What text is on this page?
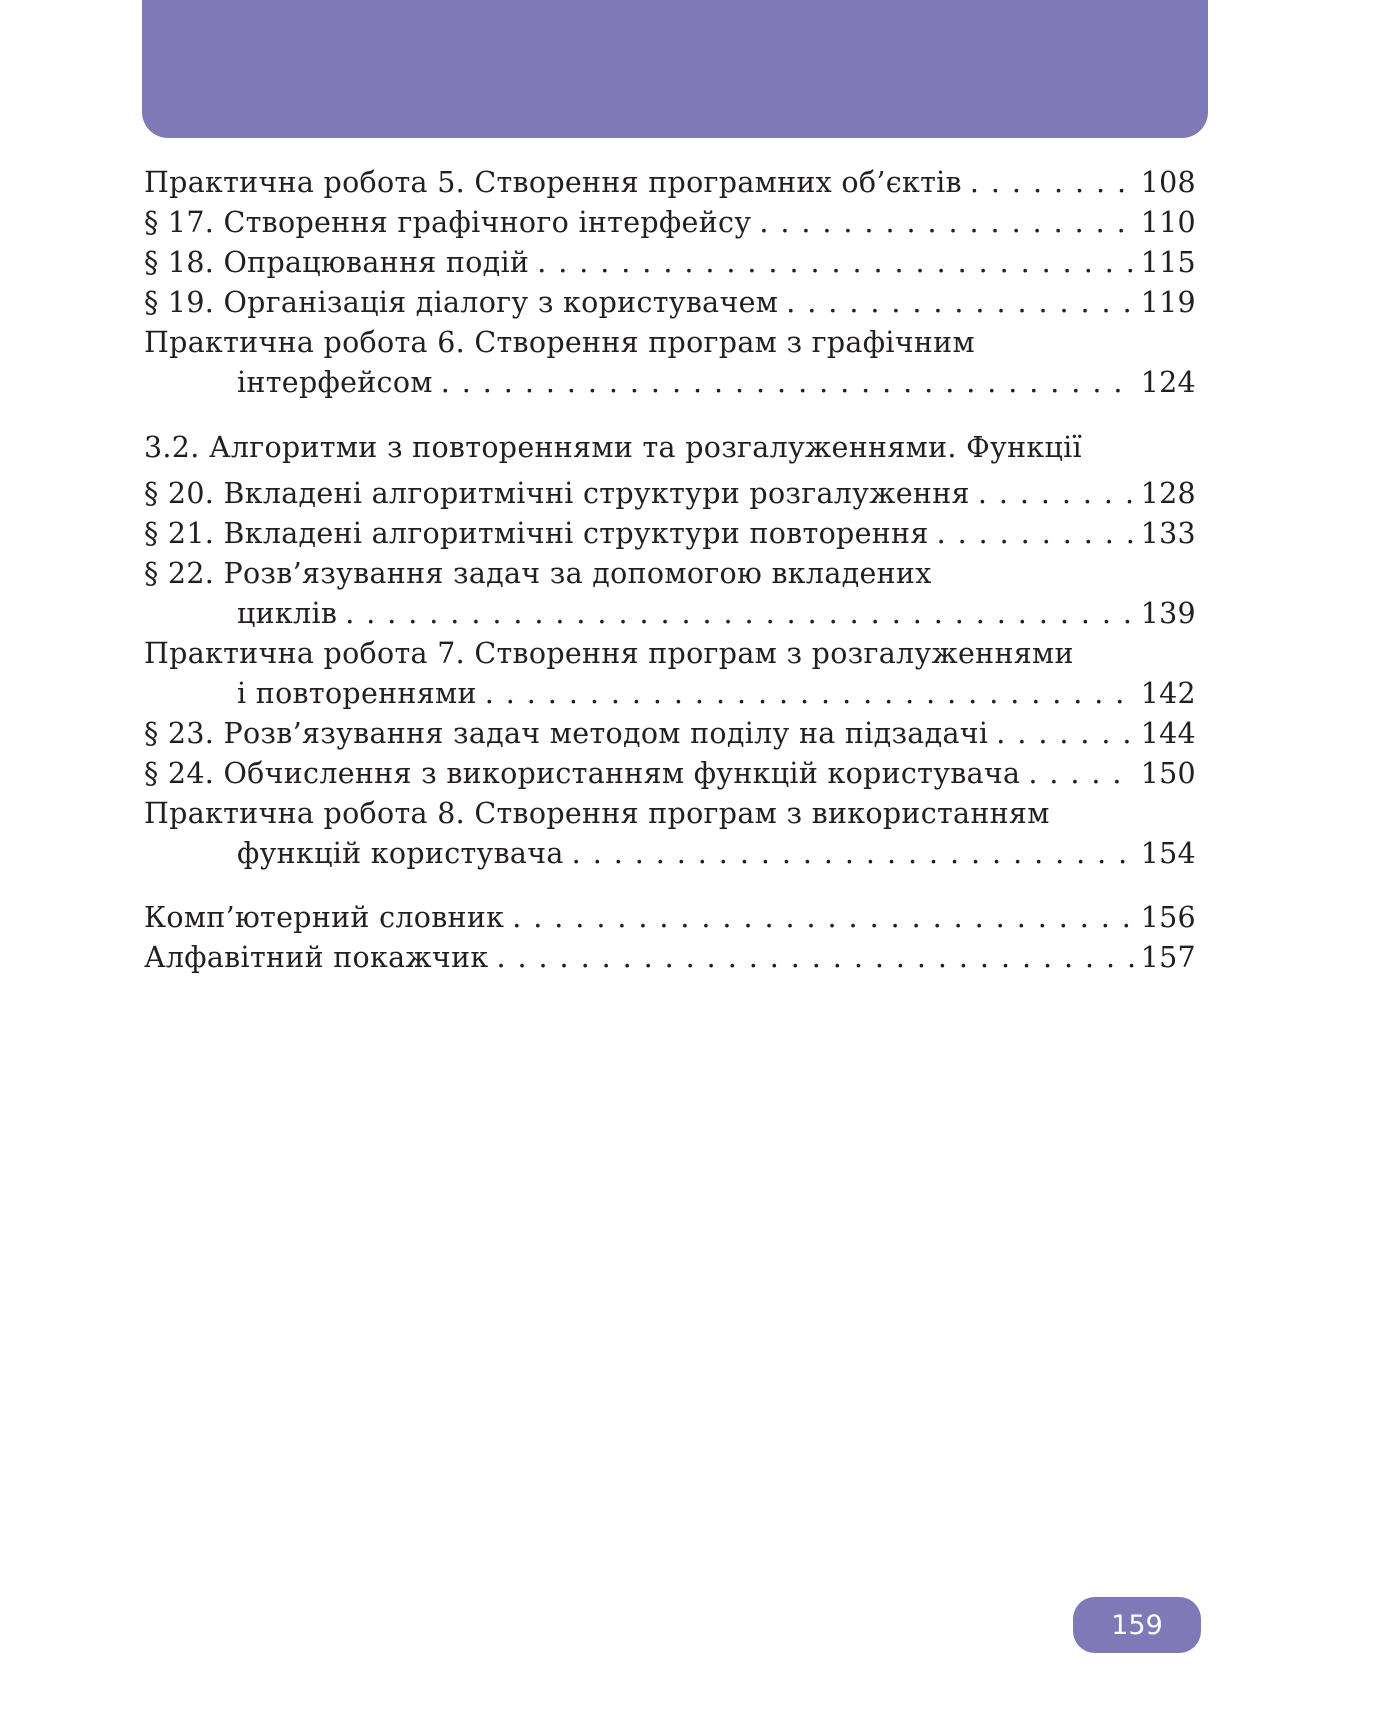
Практична робота 5. Створення програмних об’єктів . . .	108
§ 17. Створення графічного інтерфейсу . . .	110
§ 18. Опрацювання подій . . .	115
§ 19. Організація діалогу з користувачем . . .	119
Практична робота 6. Створення програм з графічним
інтерфейсом . . .	124
3.2. Алгоритми з повтореннями та розгалуженнями. Функції
§ 20. Вкладені алгоритмічні структури розгалуження . . .	128
§ 21. Вкладені алгоритмічні структури повторення . . .	133
§ 22. Розв’язування задач за допомогою вкладених
циклів . . .	139
Практична робота 7. Створення програм з розгалуженнями
і повтореннями . . .	142
§ 23. Розв’язування задач методом поділу на підзадачі . . .	144
§ 24. Обчислення з використанням функцій користувача . . .	150
Практична робота 8. Створення програм з використанням
функцій користувача . . .	154
Комп’ютерний словник . . .	156
Алфавітний покажчик . . .	157
159
